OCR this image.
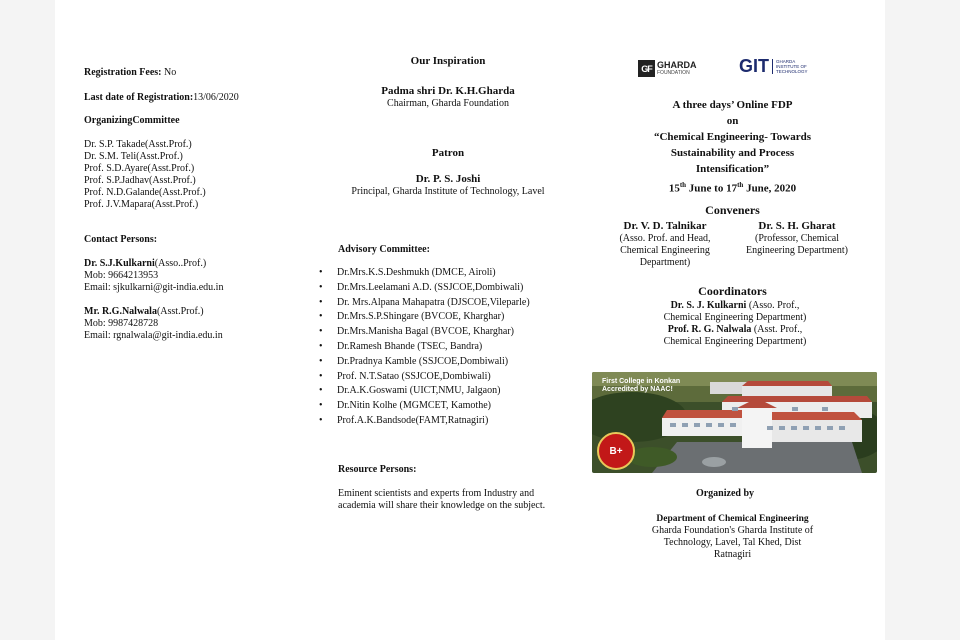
Registration Fees: No
Last date of Registration:13/06/2020
OrganizingCommittee
Dr. S.P. Takade(Asst.Prof.)
Dr. S.M. Teli(Asst.Prof.)
Prof. S.D.Ayare(Asst.Prof.)
Prof. S.P.Jadhav(Asst.Prof.)
Prof. N.D.Galande(Asst.Prof.)
Prof. J.V.Mapara(Asst.Prof.)
Contact Persons:
Dr. S.J.Kulkarni(Asso..Prof.)
Mob: 9664213953
Email: sjkulkarni@git-india.edu.in
Mr. R.G.Nalwala(Asst.Prof.)
Mob: 9987428728
Email: rgnalwala@git-india.edu.in
Our Inspiration
Padma shri Dr. K.H.Gharda
Chairman, Gharda Foundation
Patron
Dr. P. S. Joshi
Principal, Gharda Institute of Technology, Lavel
Advisory Committee:
• Dr.Mrs.K.S.Deshmukh (DMCE, Airoli)
• Dr.Mrs.Leelamani A.D. (SSJCOE,Dombiwali)
• Dr. Mrs.Alpana Mahapatra (DJSCOE,Vileparle)
• Dr.Mrs.S.P.Shingare (BVCOE, Kharghar)
• Dr.Mrs.Manisha Bagal (BVCOE, Kharghar)
• Dr.Ramesh Bhande (TSEC, Bandra)
• Dr.Pradnya Kamble (SSJCOE,Dombiwali)
• Prof. N.T.Satao (SSJCOE,Dombiwali)
• Dr.A.K.Goswami (UICT,NMU, Jalgaon)
• Dr.Nitin Kolhe (MGMCET, Kamothe)
• Prof.A.K.Bandsode(FAMT,Ratnagiri)
Resource Persons:
Eminent scientists and experts from Industry and
academia will share their knowledge on the subject.
GF GHARDA
FOUNDATION	GIT GHARDA
INSTITUTE OF
TECHNOLOGY
A three days’ Online FDP
on
“Chemical Engineering- Towards
Sustainability and Process
Intensification”
15th June to 17th June, 2020
Conveners
Dr. V. D. Talnikar
(Asso. Prof. and Head,
Chemical Engineering
Department)
Dr. S. H. Gharat
(Professor, Chemical
Engineering Department)
Coordinators
Dr. S. J. Kulkarni (Asso. Prof.,
Chemical Engineering Department)
Prof. R. G. Nalwala (Asst. Prof.,
Chemical Engineering Department)
First College in Konkan
Accredited by NAAC!
B+
Organized by
Department of Chemical Engineering
Gharda Foundation's Gharda Institute of
Technology, Lavel, Tal Khed, Dist
Ratnagiri
